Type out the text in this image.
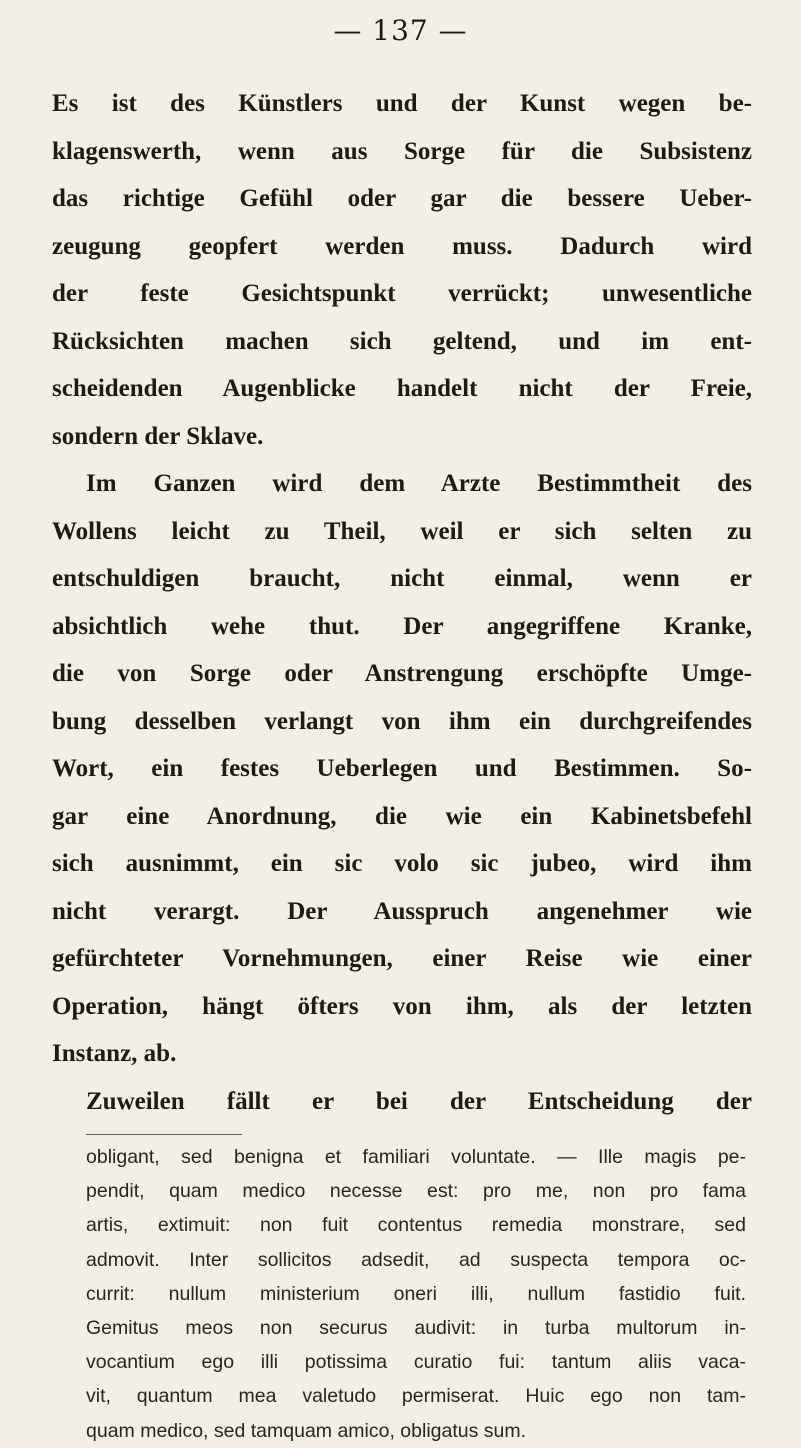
— 137 —
Es ist des Künstlers und der Kunst wegen be-
klagenswerth, wenn aus Sorge für die Subsistenz
das richtige Gefühl oder gar die bessere Ueber-
zeugung geopfert werden muss. Dadurch wird
der feste Gesichtspunkt verrückt; unwesentliche
Rücksichten machen sich geltend, und im ent-
scheidenden Augenblicke handelt nicht der Freie,
sondern der Sklave.
Im Ganzen wird dem Arzte Bestimmtheit des
Wollens leicht zu Theil, weil er sich selten zu
entschuldigen braucht, nicht einmal, wenn er
absichtlich wehe thut. Der angegriffene Kranke,
die von Sorge oder Anstrengung erschöpfte Umge-
bung desselben verlangt von ihm ein durchgreifendes
Wort, ein festes Ueberlegen und Bestimmen. So-
gar eine Anordnung, die wie ein Kabinetsbefehl
sich ausnimmt, ein sic volo sic jubeo, wird ihm
nicht verargt. Der Ausspruch angenehmer wie
gefürchteter Vornehmungen, einer Reise wie einer
Operation, hängt öfters von ihm, als der letzten
Instanz, ab.
Zuweilen fällt er bei der Entscheidung der
obligant, sed benigna et familiari voluntate. — Ille magis pe-
pendit, quam medico necesse est: pro me, non pro fama
artis, extimuit: non fuit contentus remedia monstrare, sed
admovit. Inter sollicitos adsedit, ad suspecta tempora oc-
currit: nullum ministerium oneri illi, nullum fastidio fuit.
Gemitus meos non securus audivit: in turba multorum in-
vocantium ego illi potissima curatio fui: tantum aliis vaca-
vit, quantum mea valetudo permiserat. Huic ego non tam-
quam medico, sed tamquam amico, obligatus sum.
